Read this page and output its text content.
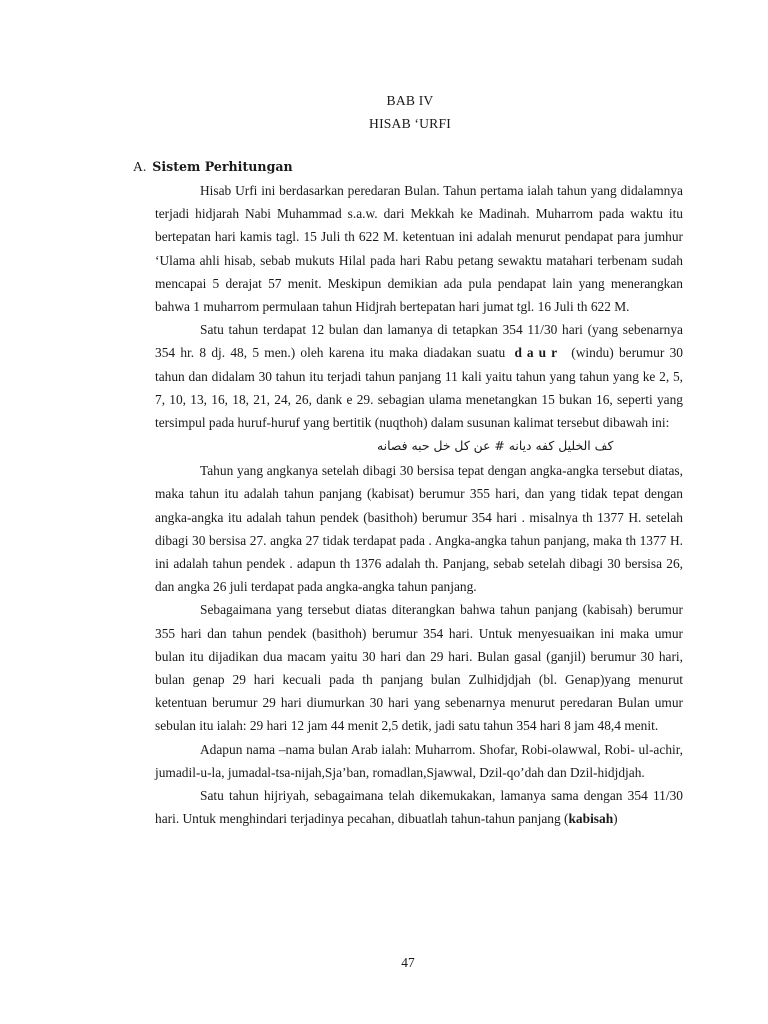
BAB IV
HISAB ‘URFI
A. Sistem Perhitungan

Hisab Urfi ini berdasarkan peredaran Bulan. Tahun pertama ialah tahun yang didalamnya terjadi hidjarah Nabi Muhammad s.a.w. dari Mekkah ke Madinah. Muharrom pada waktu itu bertepatan hari kamis tagl. 15 Juli th 622 M. ketentuan ini adalah menurut pendapat para jumhur ‘Ulama ahli hisab, sebab mukuts Hilal pada hari Rabu petang sewaktu matahari terbenam sudah mencapai 5 derajat 57 menit. Meskipun demikian ada pula pendapat lain yang menerangkan bahwa 1 muharrom permulaan tahun Hidjrah bertepatan hari jumat tgl. 16 Juli th 622 M.

Satu tahun terdapat 12 bulan dan lamanya di tetapkan 354 11/30 hari (yang sebenarnya 354 hr. 8 dj. 48, 5 men.) oleh karena itu maka diadakan suatu daur (windu) berumur 30 tahun dan didalam 30 tahun itu terjadi tahun panjang 11 kali yaitu tahun yang tahun yang ke 2, 5, 7, 10, 13, 16, 18, 21, 24, 26, dank e 29. sebagian ulama menetangkan 15 bukan 16, seperti yang tersimpul pada huruf-huruf yang bertitik (nuqthoh) dalam susunan kalimat tersebut dibawah ini:

كف الخليل كفه ديانه # عن كل خل حبه فصانه

Tahun yang angkanya setelah dibagi 30 bersisa tepat dengan angka-angka tersebut diatas, maka tahun itu adalah tahun panjang (kabisat) berumur 355 hari, dan yang tidak tepat dengan angka-angka itu adalah tahun pendek (basithoh) berumur 354 hari . misalnya th 1377 H. setelah dibagi 30 bersisa 27. angka 27 tidak terdapat pada . Angka-angka tahun panjang, maka th 1377 H. ini adalah tahun pendek . adapun th 1376 adalah th. Panjang, sebab setelah dibagi 30 bersisa 26, dan angka 26 juli terdapat pada angka-angka tahun panjang.

Sebagaimana yang tersebut diatas diterangkan bahwa tahun panjang (kabisah) berumur 355 hari dan tahun pendek (basithoh) berumur 354 hari. Untuk menyesuaikan ini maka umur bulan itu dijadikan dua macam yaitu 30 hari dan 29 hari. Bulan gasal (ganjil) berumur 30 hari, bulan genap 29 hari kecuali pada th panjang bulan Zulhidjdjah (bl. Genap)yang menurut ketentuan berumur 29 hari diumurkan 30 hari yang sebenarnya menurut peredaran Bulan umur sebulan itu ialah: 29 hari 12 jam 44 menit 2,5 detik, jadi satu tahun 354 hari 8 jam 48,4 menit.

Adapun nama –nama bulan Arab ialah: Muharrom. Shofar, Robi-olawwal, Robi- ul-achir, jumadil-u-la, jumadal-tsa-nijah,Sja’ban, romadlan,Sjawwal, Dzil-qo’dah dan Dzil-hidjdjah.

Satu tahun hijriyah, sebagaimana telah dikemukakan, lamanya sama dengan 354 11/30 hari. Untuk menghindari terjadinya pecahan, dibuatlah tahun-tahun panjang (kabisah)

47
